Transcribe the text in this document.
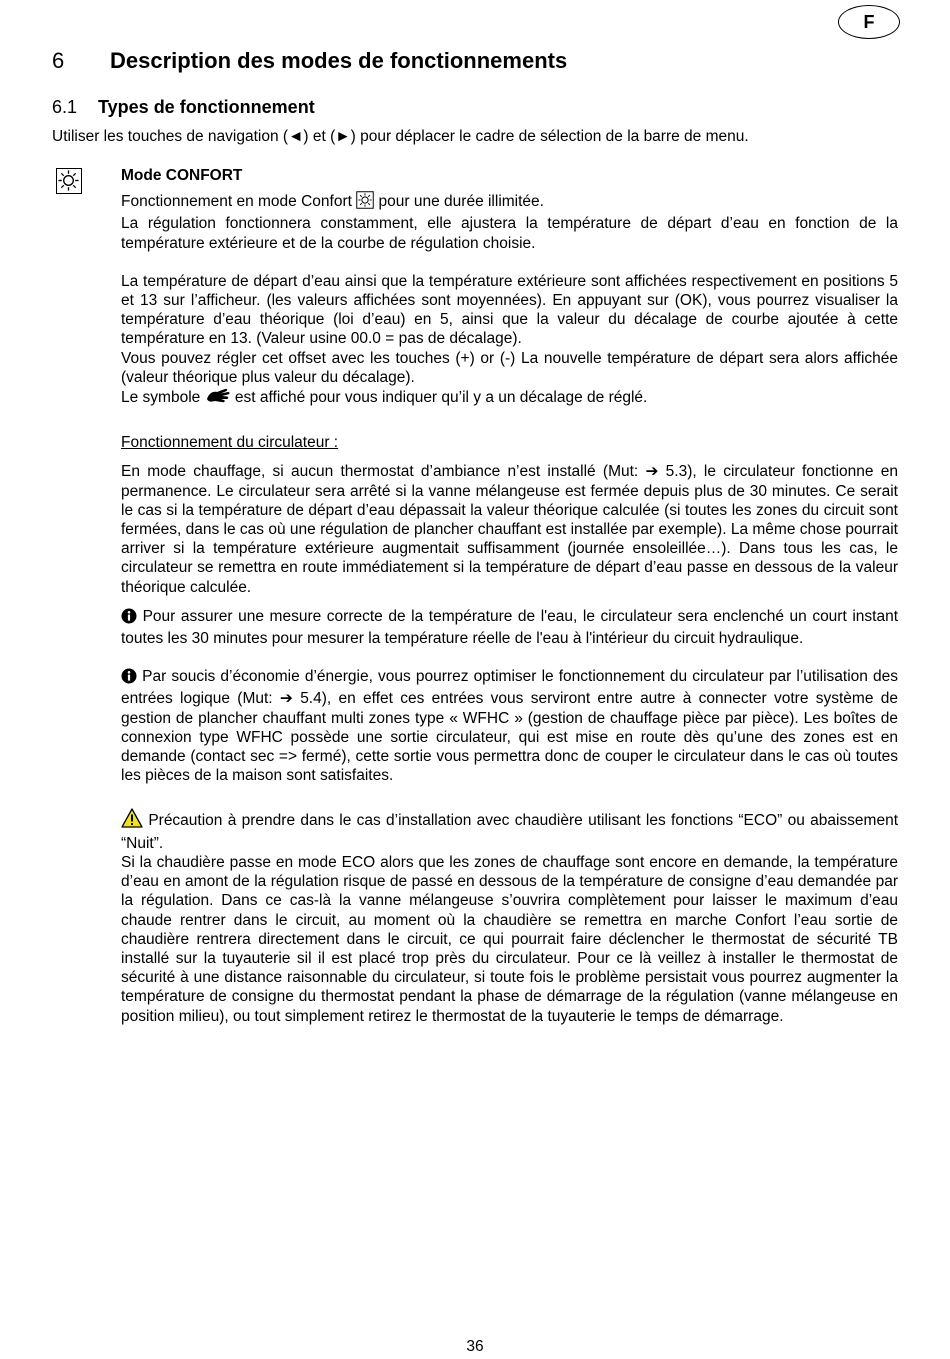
F
6 Description des modes de fonctionnements
6.1 Types de fonctionnement
Utiliser les touches de navigation (◄) et (►) pour déplacer le cadre de sélection de la barre de menu.

Mode CONFORT

Fonctionnement en mode Confort pour une durée illimitée.

La régulation fonctionnera constamment, elle ajustera la température de départ d’eau en fonction de la température extérieure et de la courbe de régulation choisie.

La température de départ d’eau ainsi que la température extérieure sont affichées respectivement en positions 5 et 13 sur l’afficheur. (les valeurs affichées sont moyennées). En appuyant sur (OK), vous pourrez visualiser la température d’eau théorique (loi d’eau) en 5, ainsi que la valeur du décalage de courbe ajoutée à cette température en 13. (Valeur usine 00.0 = pas de décalage).

Vous pouvez régler cet offset avec les touches (+) or (-) La nouvelle température de départ sera alors affichée (valeur théorique plus valeur du décalage).

Le symbole est affiché pour vous indiquer qu’il y a un décalage de réglé.

Fonctionnement du circulateur :

En mode chauffage, si aucun thermostat d’ambiance n’est installé (Mut: ➔ 5.3), le circulateur fonctionne en permanence. Le circulateur sera arrêté si la vanne mélangeuse est fermée depuis plus de 30 minutes. Ce serait le cas si la température de départ d’eau dépassait la valeur théorique calculée (si toutes les zones du circuit sont fermées, dans le cas où une régulation de plancher chauffant est installée par exemple). La même chose pourrait arriver si la température extérieure augmentait suffisamment (journée ensoleillée…). Dans tous les cas, le circulateur se remettra en route immédiatement si la température de départ d’eau passe en dessous de la valeur théorique calculée.

Pour assurer une mesure correcte de la température de l'eau, le circulateur sera enclenché un court instant toutes les 30 minutes pour mesurer la température réelle de l'eau à l'intérieur du circuit hydraulique.

Par soucis d’économie d’énergie, vous pourrez optimiser le fonctionnement du circulateur par l’utilisation des entrées logique (Mut: ➔ 5.4), en effet ces entrées vous serviront entre autre à connecter votre système de gestion de plancher chauffant multi zones type « WFHC » (gestion de chauffage pièce par pièce). Les boîtes de connexion type WFHC possède une sortie circulateur, qui est mise en route dès qu’une des zones est en demande (contact sec => fermé), cette sortie vous permettra donc de couper le circulateur dans le cas où toutes les pièces de la maison sont satisfaites.

Précaution à prendre dans le cas d’installation avec chaudière utilisant les fonctions “ECO” ou abaissement “Nuit”.

Si la chaudière passe en mode ECO alors que les zones de chauffage sont encore en demande, la température d’eau en amont de la régulation risque de passé en dessous de la température de consigne d’eau demandée par la régulation. Dans ce cas-là la vanne mélangeuse s’ouvrira complètement pour laisser le maximum d’eau chaude rentrer dans le circuit, au moment où la chaudière se remettra en marche Confort l’eau sortie de chaudière rentrera directement dans le circuit, ce qui pourrait faire déclencher le thermostat de sécurité TB installé sur la tuyauterie sil il est placé trop près du circulateur. Pour ce là veillez à installer le thermostat de sécurité à une distance raisonnable du circulateur, si toute fois le problème persistait vous pourrez augmenter la température de consigne du thermostat pendant la phase de démarrage de la régulation (vanne mélangeuse en position milieu), ou tout simplement retirez le thermostat de la tuyauterie le temps de démarrage.

36
